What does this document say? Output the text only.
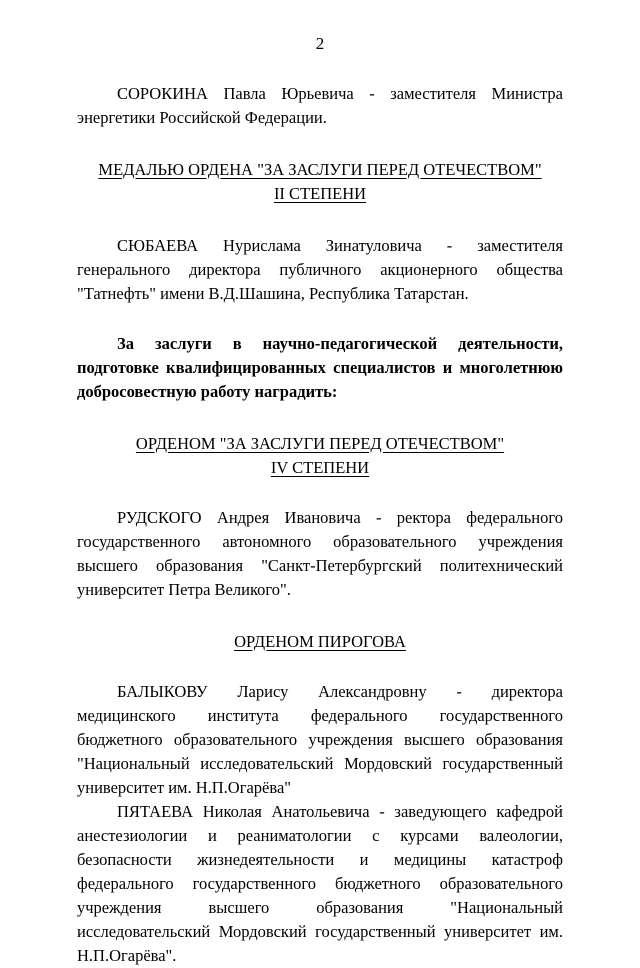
2

СОРОКИНА Павла Юрьевича - заместителя Министра энергетики Российской Федерации.

МЕДАЛЬЮ ОРДЕНА "ЗА ЗАСЛУГИ ПЕРЕД ОТЕЧЕСТВОМ"

II СТЕПЕНИ

СЮБАЕВА Нурислама Зинатуловича - заместителя генерального директора публичного акционерного общества "Татнефть" имени В.Д.Шашина, Республика Татарстан.

За заслуги в научно-педагогической деятельности, подготовке квалифицированных специалистов и многолетнюю добросовестную работу наградить:

ОРДЕНОМ "ЗА ЗАСЛУГИ ПЕРЕД ОТЕЧЕСТВОМ"

IV СТЕПЕНИ

РУДСКОГО Андрея Ивановича - ректора федерального государственного автономного образовательного учреждения высшего образования "Санкт-Петербургский политехнический университет Петра Великого".

ОРДЕНОМ ПИРОГОВА

БАЛЫКОВУ Ларису Александровну - директора медицинского института федерального государственного бюджетного образовательного учреждения высшего образования "Национальный исследовательский Мордовский государственный университет им. Н.П.Огарёва"

ПЯТАЕВА Николая Анатольевича - заведующего кафедрой анестезиологии и реаниматологии с курсами валеологии, безопасности жизнедеятельности и медицины катастроф федерального государственного бюджетного образовательного учреждения высшего образования "Национальный исследовательский Мордовский государственный университет им. Н.П.Огарёва".
